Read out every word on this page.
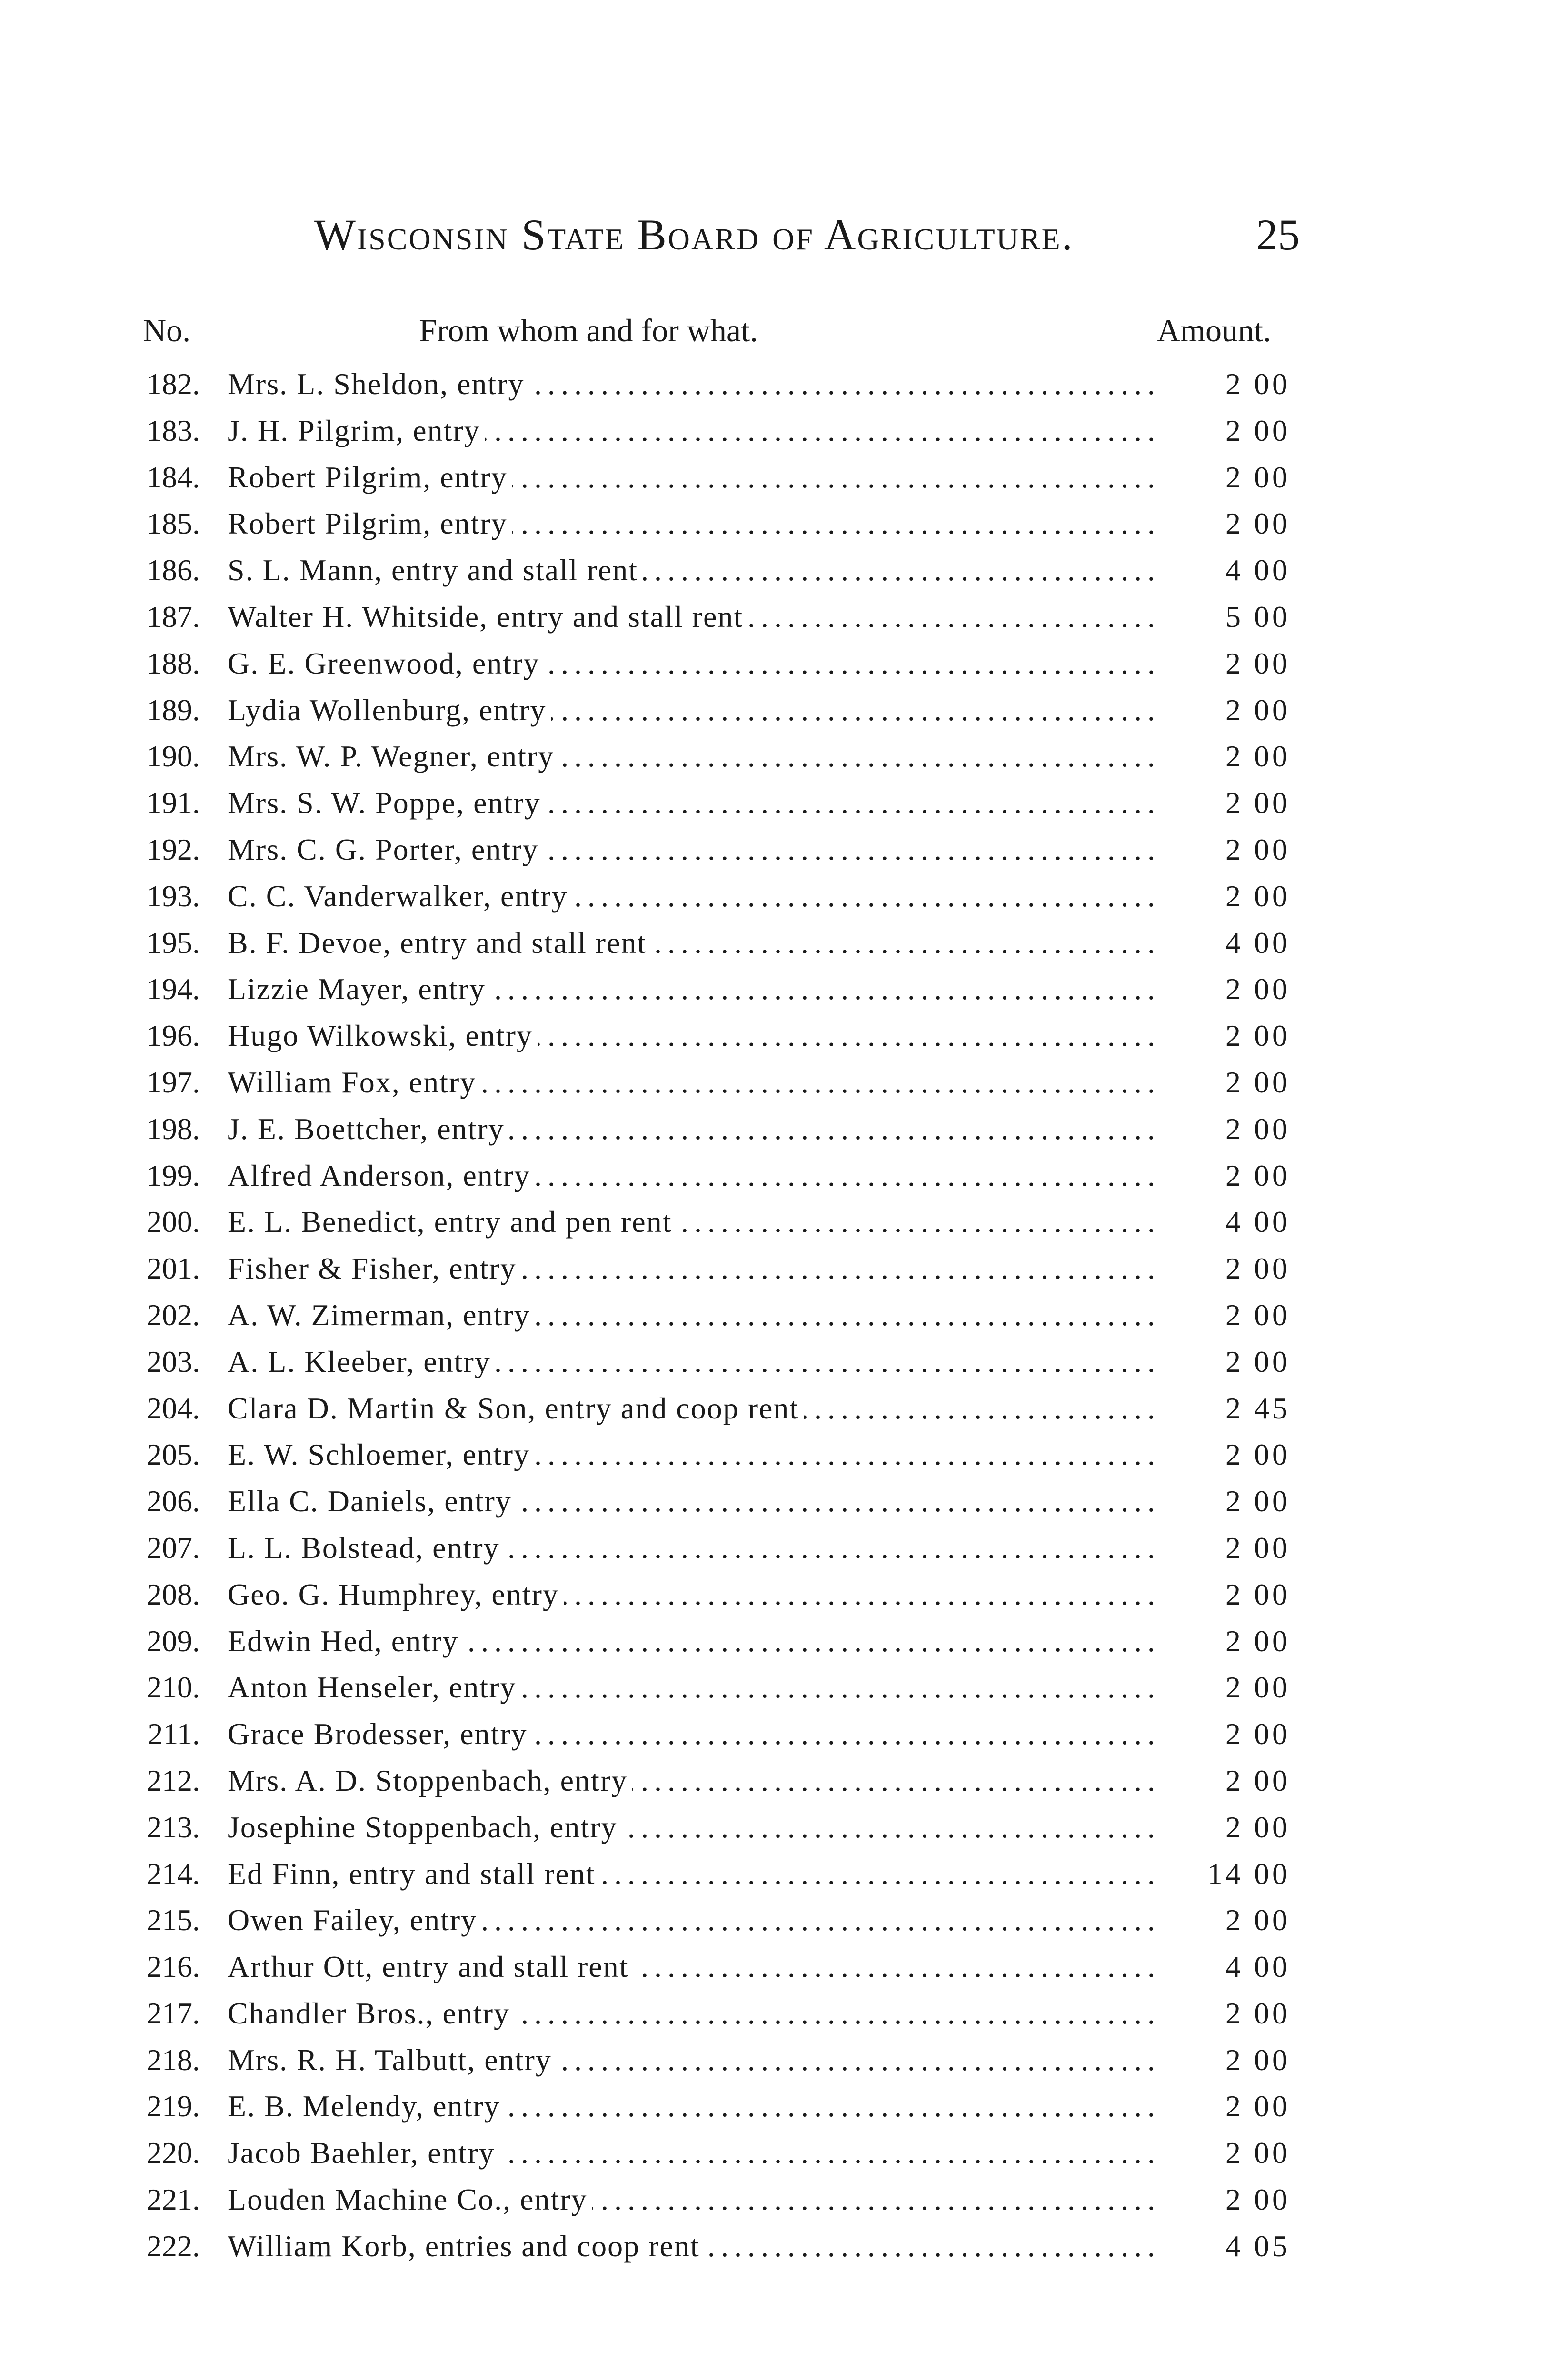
Wisconsin State Board of Agriculture.	25
No.	From whom and for what.	Amount.
182. Mrs. L. Sheldon, entry . . .	2 00
183. J. H. Pilgrim, entry . . .	2 00
184. Robert Pilgrim, entry . . .	2 00
185. Robert Pilgrim, entry . . .	2 00
186. S. L. Mann, entry and stall rent . . .	4 00
187. Walter H. Whitside, entry and stall rent . . .	5 00
188. G. E. Greenwood, entry . . .	2 00
189. Lydia Wollenburg, entry . . .	2 00
190. Mrs. W. P. Wegner, entry . . .	2 00
191. Mrs. S. W. Poppe, entry . . .	2 00
192. Mrs. C. G. Porter, entry . . .	2 00
193. C. C. Vanderwalker, entry . . .	2 00
195. B. F. Devoe, entry and stall rent . . .	4 00
194. Lizzie Mayer, entry . . .	2 00
196. Hugo Wilkowski, entry . . .	2 00
197. William Fox, entry . . .	2 00
198. J. E. Boettcher, entry . . .	2 00
199. Alfred Anderson, entry . . .	2 00
200. E. L. Benedict, entry and pen rent . . .	4 00
201. Fisher & Fisher, entry . . .	2 00
202. A. W. Zimerman, entry . . .	2 00
203. A. L. Kleeber, entry . . .	2 00
204. Clara D. Martin & Son, entry and coop rent . . .	2 45
205. E. W. Schloemer, entry . . .	2 00
206. Ella C. Daniels, entry . . .	2 00
207. L. L. Bolstead, entry . . .	2 00
208. Geo. G. Humphrey, entry . . .	2 00
209. Edwin Hed, entry . . .	2 00
210. Anton Henseler, entry . . .	2 00
211. Grace Brodesser, entry . . .	2 00
212. Mrs. A. D. Stoppenbach, entry . . .	2 00
213. Josephine Stoppenbach, entry . . .	2 00
214. Ed Finn, entry and stall rent . . .	14 00
215. Owen Failey, entry . . .	2 00
216. Arthur Ott, entry and stall rent . . .	4 00
217. Chandler Bros., entry . . .	2 00
218. Mrs. R. H. Talbutt, entry . . .	2 00
219. E. B. Melendy, entry . . .	2 00
220. Jacob Baehler, entry . . .	2 00
221. Louden Machine Co., entry . . .	2 00
222. William Korb, entries and coop rent . . .	4 05
